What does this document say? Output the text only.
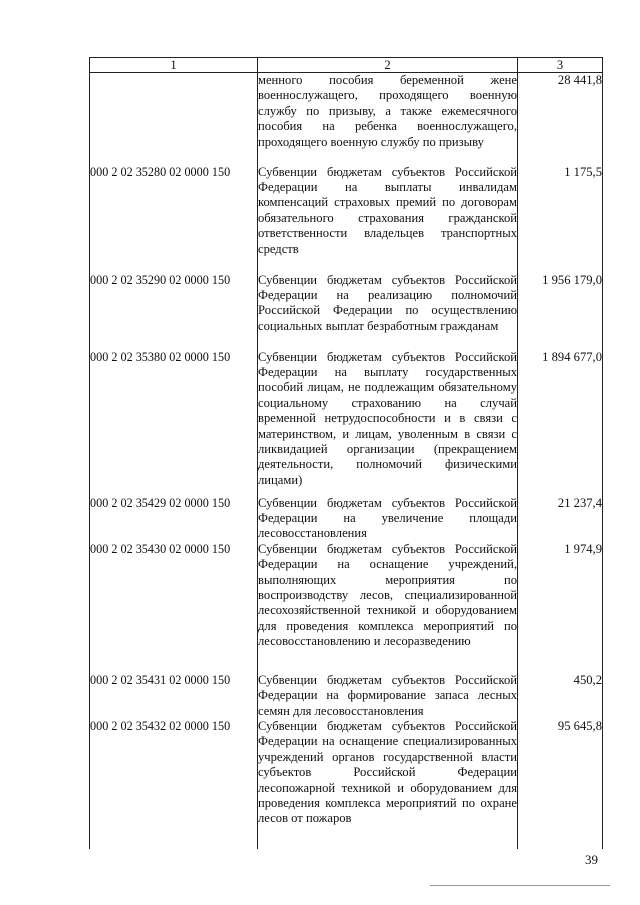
1	2	3
	менного пособия беременной жене военнослужащего, проходящего военную службу по призыву, а также ежемесячного пособия на ребенка военнослужащего, проходящего военную службу по призыву	28 441,8
000 2 02 35280 02 0000 150	Субвенции бюджетам субъектов Российской Федерации на выплаты инвалидам компенсаций страховых премий по договорам обязательного страхования гражданской ответственности владельцев транспортных средств	1 175,5
000 2 02 35290 02 0000 150	Субвенции бюджетам субъектов Российской Федерации на реализацию полномочий Российской Федерации по осуществлению социальных выплат безработным гражданам	1 956 179,0
000 2 02 35380 02 0000 150	Субвенции бюджетам субъектов Российской Федерации на выплату государственных пособий лицам, не подлежащим обязательному социальному страхованию на случай временной нетрудоспособности и в связи с материнством, и лицам, уволенным в связи с ликвидацией организации (прекращением деятельности, полномочий физическими лицами)	1 894 677,0
000 2 02 35429 02 0000 150	Субвенции бюджетам субъектов Российской Федерации на увеличение площади лесовосстановления	21 237,4
000 2 02 35430 02 0000 150	Субвенции бюджетам субъектов Российской Федерации на оснащение учреждений, выполняющих мероприятия по воспроизводству лесов, специализированной лесохозяйственной техникой и оборудованием для проведения комплекса мероприятий по лесовосстановлению и лесоразведению	1 974,9
000 2 02 35431 02 0000 150	Субвенции бюджетам субъектов Российской Федерации на формирование запаса лесных семян для лесовосстановления	450,2
000 2 02 35432 02 0000 150	Субвенции бюджетам субъектов Российской Федерации на оснащение специализированных учреждений органов государственной власти субъектов Российской Федерации лесопожарной техникой и оборудованием для проведения комплекса мероприятий по охране лесов от пожаров	95 645,8
39
